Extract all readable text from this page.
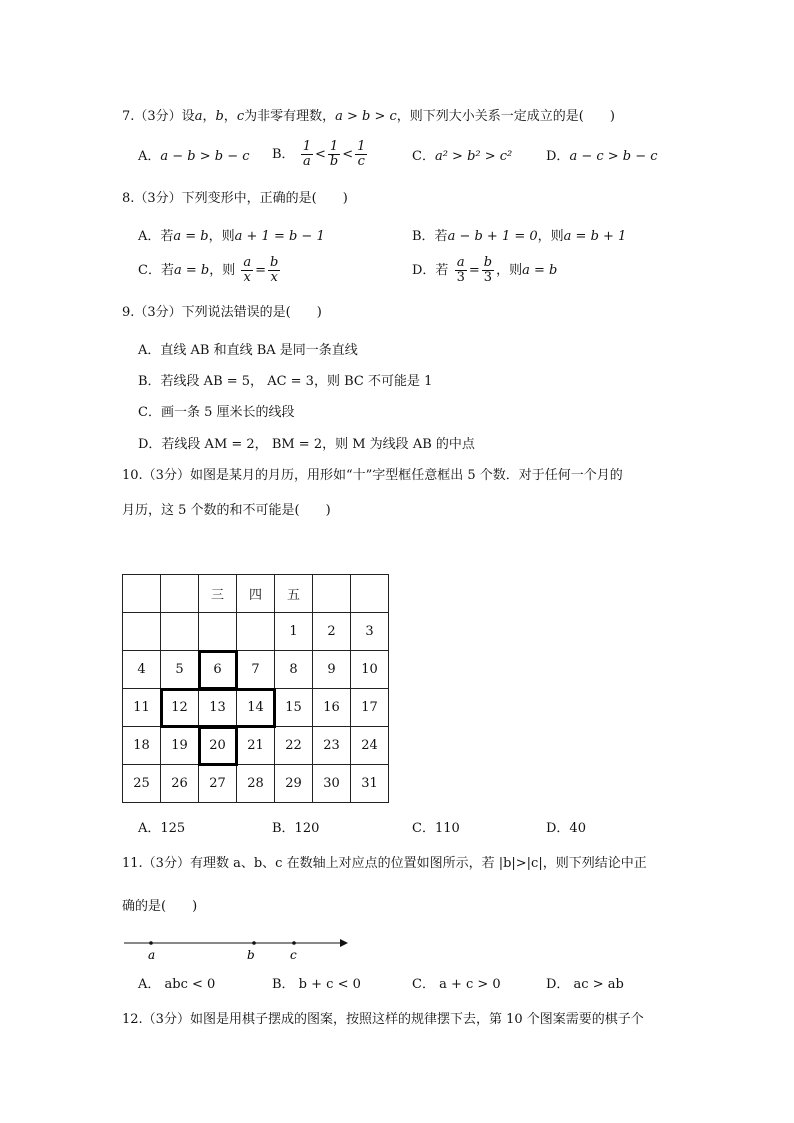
7.（3分）设a，b，c为非零有理数，a > b > c，则下列大小关系一定成立的是(　　)
A．a − b > b − c B． $\frac{1}{a} < \frac{1}{b} < \frac{1}{c}$	C．a² > b² > c²	D．a − c > b − c
8.（3分）下列变形中，正确的是(　　)
A．若a = b，则a + 1 = b − 1	B．若a − b + 1 = 0，则a = b + 1
C．若a = b，则 $\frac{a}{x} = \frac{b}{x}$	D．若 $\frac{a}{3} = \frac{b}{3}$ ，则a = b
9.（3分）下列说法错误的是(　　)
A．直线 AB 和直线 BA 是同一条直线
B．若线段 AB = 5， AC = 3，则 BC 不可能是 1
C．画一条 5 厘米长的线段
D．若线段 AM = 2， BM = 2，则 M 为线段 AB 的中点
10.（3分）如图是某月的月历，用形如“十”字型框任意框出 5 个数．对于任何一个月的
月历，这 5 个数的和不可能是(　　)
		三	四	五		
				1	2	3
4	5	6	7	8	9	10
11	12	13	14	15	16	17
18	19	20	21	22	23	24
25	26	27	28	29	30	31
A．125	B．120	C．110	D．40
11.（3分）有理数 a、b、c 在数轴上对应点的位置如图所示，若 |b|>|c|，则下列结论中正
确的是(　　)
a	b	c
A． abc < 0	B． b + c < 0	C． a + c > 0	D． ac > ab
12.（3分）如图是用棋子摆成的图案，按照这样的规律摆下去，第 10 个图案需要的棋子个
